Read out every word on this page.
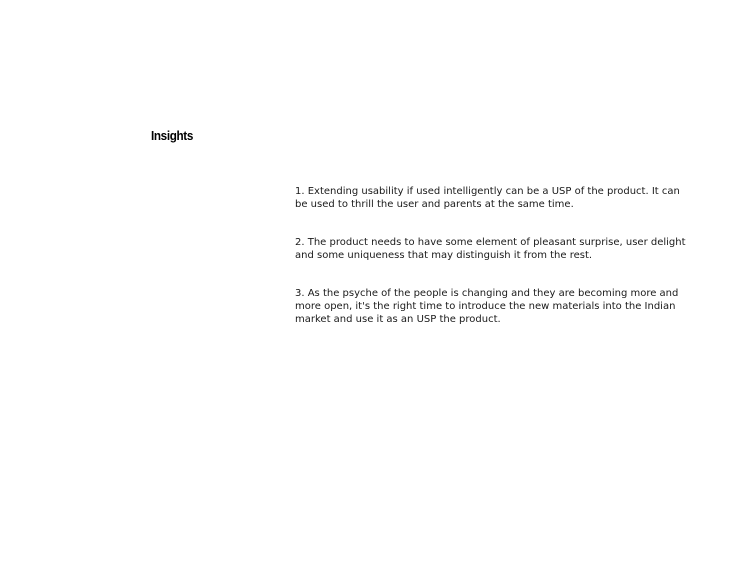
Insights
1. Extending usability if used intelligently can be a USP of the product. It can be used to thrill the user and parents at the same time.
2. The product needs to have some element of pleasant surprise, user delight and some uniqueness that may distinguish it from the rest.
3. As the psyche of the people is changing and they are becoming more and more open, it's the right time to introduce the new materials into the Indian market and use it as an USP the product.
